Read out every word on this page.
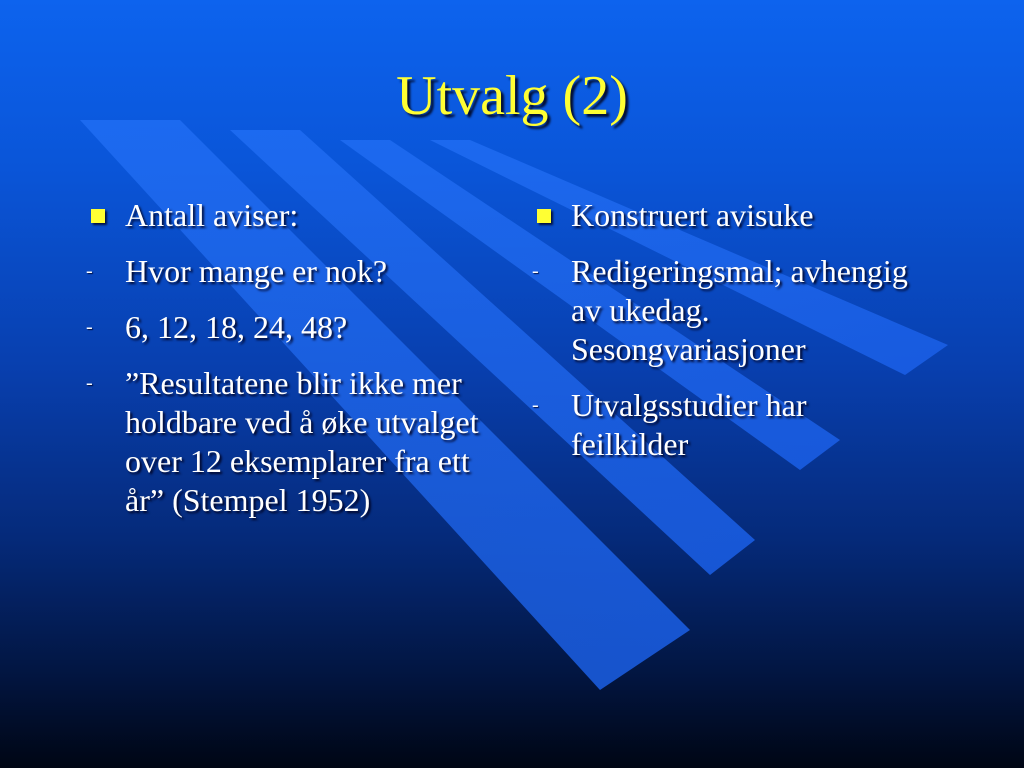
Utvalg (2)
Antall aviser:
-	Hvor mange er nok?
-	6, 12, 18, 24, 48?
-	”Resultatene blir ikke mer holdbare ved å øke utvalget over 12 eksemplarer fra ett år” (Stempel 1952)
Konstruert avisuke
-	Redigeringsmal; avhengig av ukedag. Sesongvariasjoner
-	Utvalgsstudier har feilkilder
